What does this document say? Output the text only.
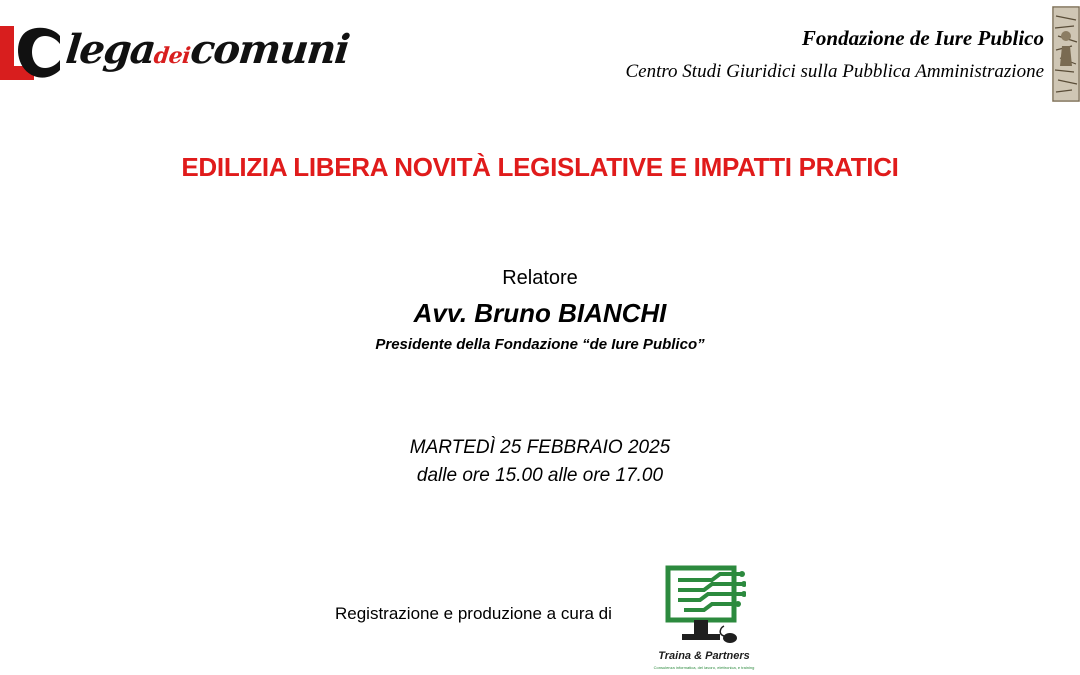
legadeicomuni	Fondazione de Iure Publico
Centro Studi Giuridici sulla Pubblica Amministrazione
EDILIZIA LIBERA NOVITÀ LEGISLATIVE E IMPATTI PRATICI
Relatore
Avv. Bruno BIANCHI
Presidente della Fondazione “de Iure Publico”
MARTEDÌ 25 FEBBRAIO 2025
dalle ore 15.00 alle ore 17.00
Registrazione e produzione a cura di
Traina & Partners
Consulenza informatica, del lavoro, elettronica, e training
